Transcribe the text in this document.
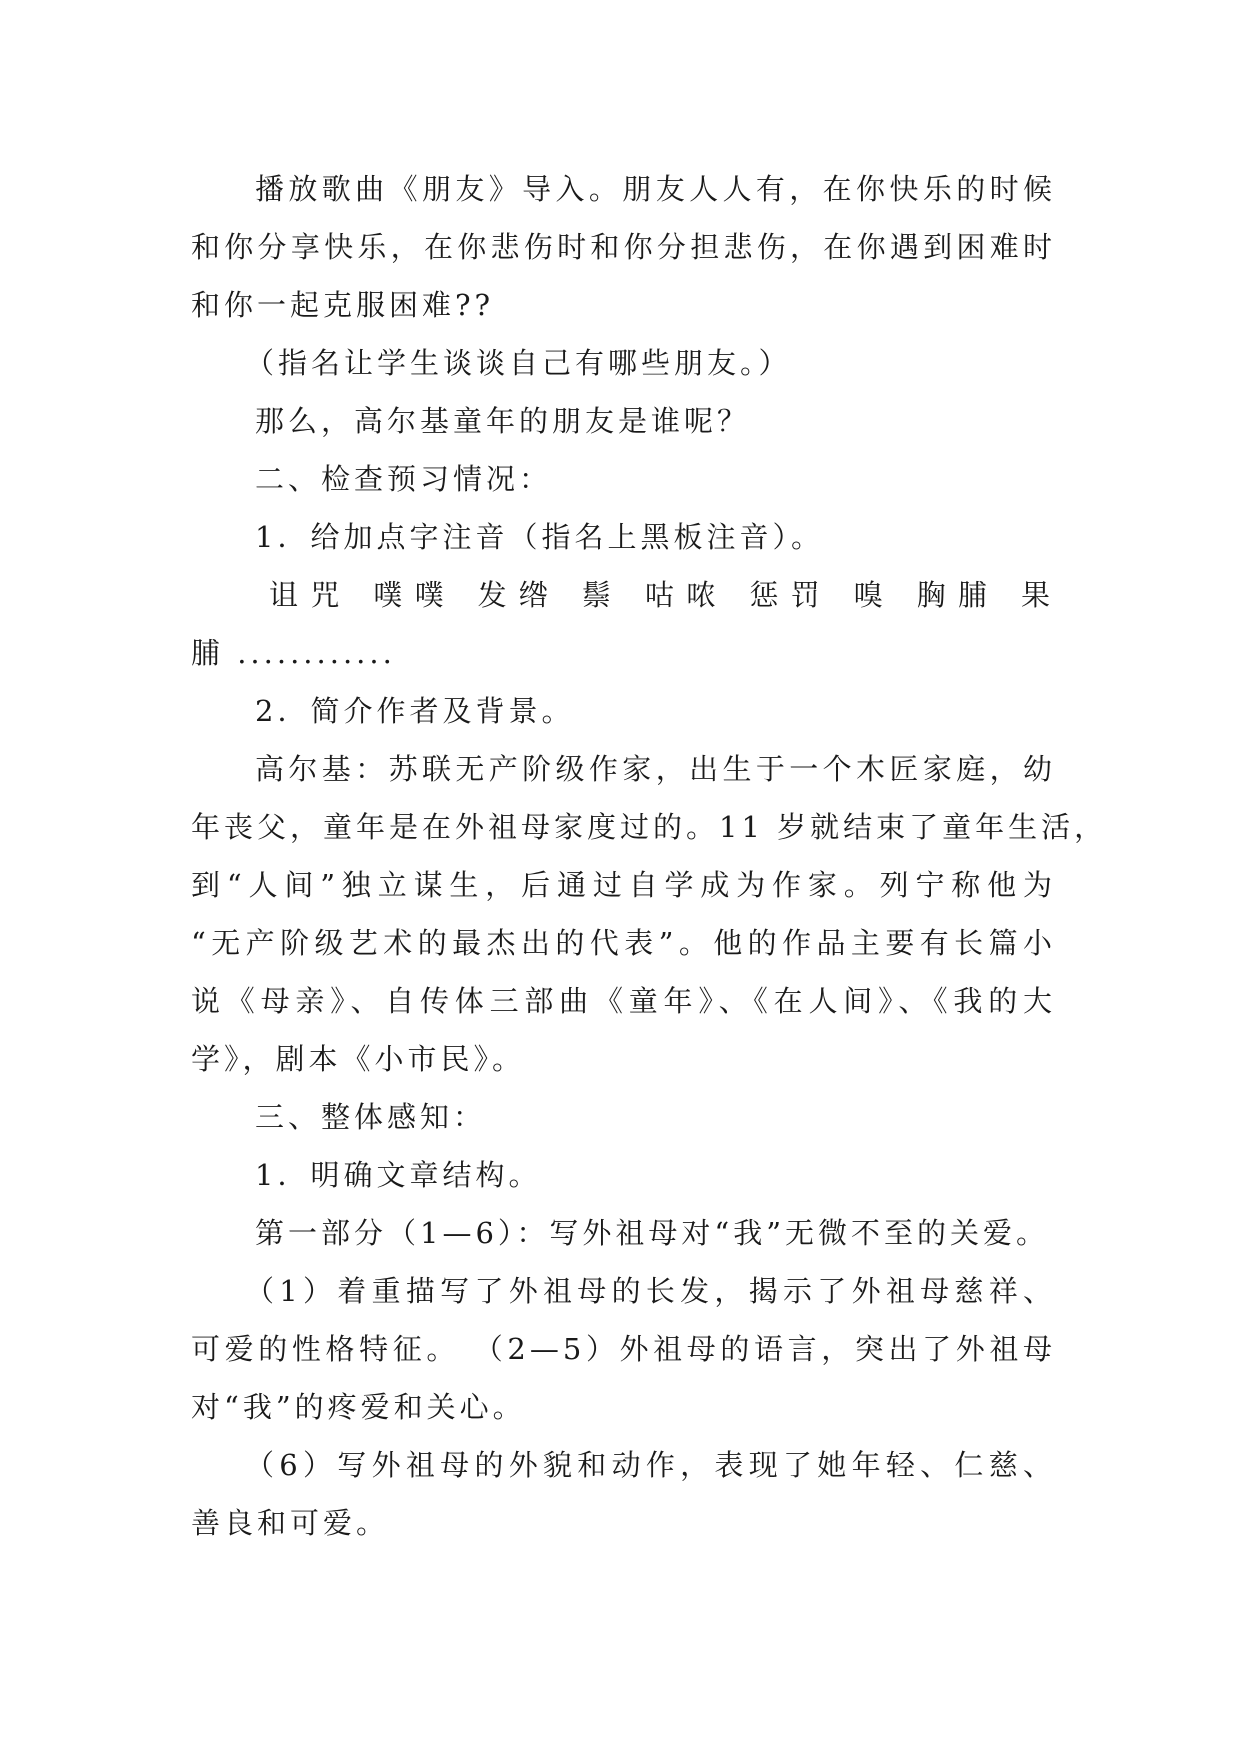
播放歌曲《朋友》导入。朋友人人有，在你快乐的时候
和你分享快乐，在你悲伤时和你分担悲伤，在你遇到困难时
和你一起克服困难??
（指名让学生谈谈自己有哪些朋友。）
那么，高尔基童年的朋友是谁呢？
二、检查预习情况：
1．给加点字注音（指名上黑板注音）。
诅咒 噗噗 发绺 鬃 咕哝 惩罚 嗅 胸脯 果
脯 ............
2．简介作者及背景。
高尔基：苏联无产阶级作家，出生于一个木匠家庭，幼
年丧父，童年是在外祖母家度过的。11 岁就结束了童年生活，
到“人间”独立谋生，后通过自学成为作家。列宁称他为
“无产阶级艺术的最杰出的代表”。他的作品主要有长篇小
说《母亲》、自传体三部曲《童年》、《在人间》、《我的大
学》，剧本《小市民》。
三、整体感知：
1．明确文章结构。
第一部分（1—6）：写外祖母对“我”无微不至的关爱。
（1）着重描写了外祖母的长发，揭示了外祖母慈祥、
可爱的性格特征。 （2—5）外祖母的语言，突出了外祖母
对“我”的疼爱和关心。
（6）写外祖母的外貌和动作，表现了她年轻、仁慈、
善良和可爱。
